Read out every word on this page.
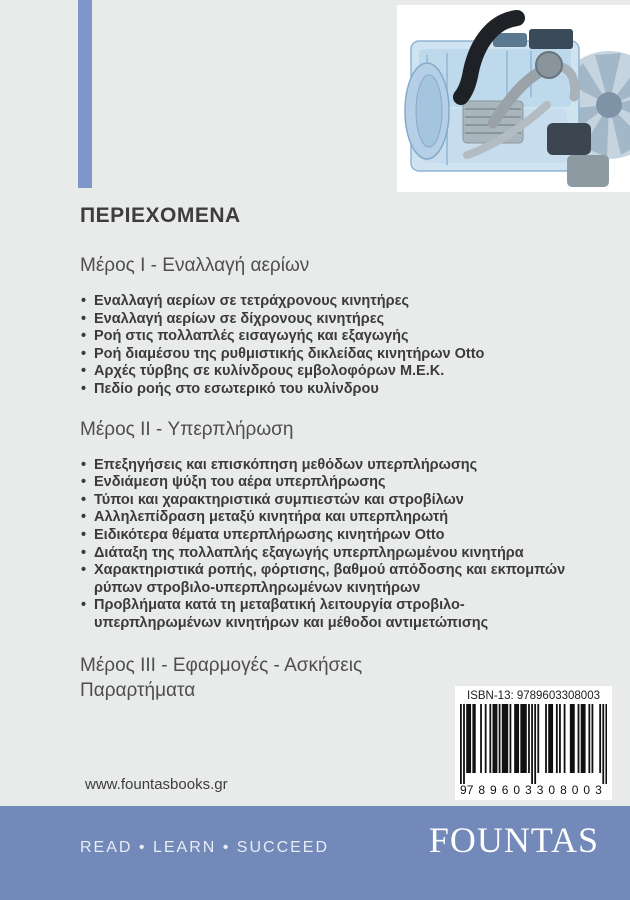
ΠΕΡΙΕΧΟΜΕΝΑ
Μέρος I - Εναλλαγή αερίων
• Εναλλαγή αερίων σε τετράχρονους κινητήρες
• Εναλλαγή αερίων σε δίχρονους κινητήρες
• Ροή στις πολλαπλές εισαγωγής και εξαγωγής
• Ροή διαμέσου της ρυθμιστικής δικλείδας κινητήρων Otto
• Αρχές τύρβης σε κυλίνδρους εμβολοφόρων Μ.Ε.Κ.
• Πεδίο ροής στο εσωτερικό του κυλίνδρου
Μέρος II - Υπερπλήρωση
• Επεξηγήσεις και επισκόπηση μεθόδων υπερπλήρωσης
• Ενδιάμεση ψύξη του αέρα υπερπλήρωσης
• Τύποι και χαρακτηριστικά συμπιεστών και στροβίλων
• Αλληλεπίδραση μεταξύ κινητήρα και υπερπληρωτή
• Ειδικότερα θέματα υπερπλήρωσης κινητήρων Otto
• Διάταξη της πολλαπλής εξαγωγής υπερπληρωμένου κινητήρα
• Χαρακτηριστικά ροπής, φόρτισης, βαθμού απόδοσης και εκπομπών ρύπων στροβιλο-υπερπληρωμένων κινητήρων
• Προβλήματα κατά τη μεταβατική λειτουργία στροβιλο-υπερπληρωμένων κινητήρων και μέθοδοι αντιμετώπισης
Μέρος III - Εφαρμογές - Ασκήσεις
Παραρτήματα	ISBN-13: 9789603308003
9 789603 308003
www.fountasbooks.gr
READ • LEARN • SUCCEED	FOUNTAS
